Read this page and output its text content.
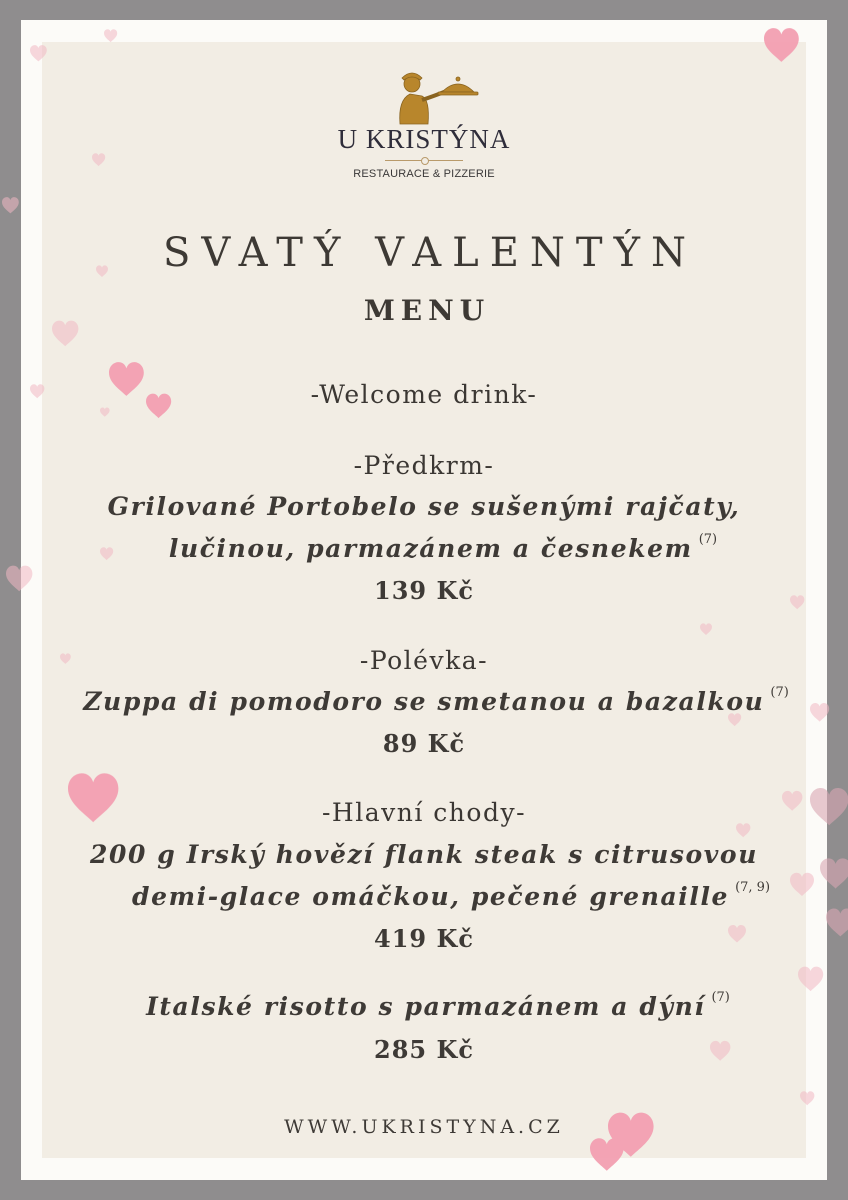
U KRISTÝNA
RESTAURACE & PIZZERIE
SVATÝ VALENTÝN
MENU
-Welcome drink-
-Předkrm-
Grilované Portobelo se sušenými rajčaty,
lučinou, parmazánem a česnekem $^{(7)}$
139 Kč
-Polévka-
Zuppa di pomodoro se smetanou a bazalkou $^{(7)}$
89 Kč
-Hlavní chody-
200 g Irský hovězí flank steak s citrusovou
demi-glace omáčkou, pečené grenaille $^{(7, 9)}$
419 Kč
Italské risotto s parmazánem a dýní $^{(7)}$
285 Kč
WWW.UKRISTYNA.CZ
